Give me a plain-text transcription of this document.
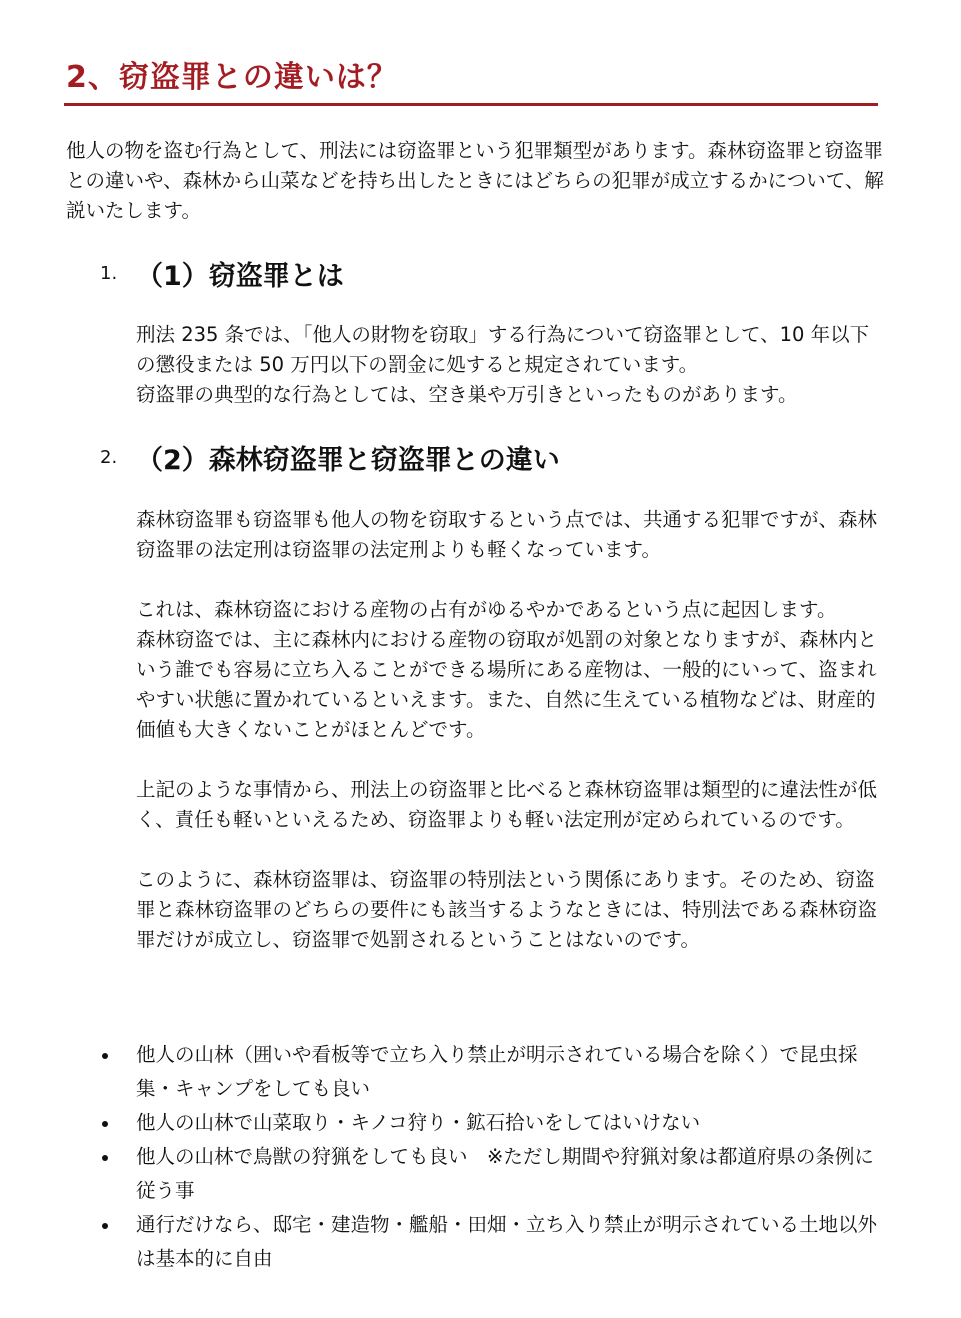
2、窃盗罪との違いは？

他人の物を盗む行為として、刑法には窃盗罪という犯罪類型があります。森林窃盗罪と窃盗罪との違いや、森林から山菜などを持ち出したときにはどちらの犯罪が成立するかについて、解説いたします。

1. （1）窃盗罪とは

刑法 235 条では、「他人の財物を窃取」する行為について窃盗罪として、10 年以下の懲役または 50 万円以下の罰金に処すると規定されています。

窃盗罪の典型的な行為としては、空き巣や万引きといったものがあります。

2. （2）森林窃盗罪と窃盗罪との違い

森林窃盗罪も窃盗罪も他人の物を窃取するという点では、共通する犯罪ですが、森林窃盗罪の法定刑は窃盗罪の法定刑よりも軽くなっています。

これは、森林窃盗における産物の占有がゆるやかであるという点に起因します。

森林窃盗では、主に森林内における産物の窃取が処罰の対象となりますが、森林内という誰でも容易に立ち入ることができる場所にある産物は、一般的にいって、盗まれやすい状態に置かれているといえます。また、自然に生えている植物などは、財産的価値も大きくないことがほとんどです。

上記のような事情から、刑法上の窃盗罪と比べると森林窃盗罪は類型的に違法性が低く、責任も軽いといえるため、窃盗罪よりも軽い法定刑が定められているのです。

このように、森林窃盗罪は、窃盗罪の特別法という関係にあります。そのため、窃盗罪と森林窃盗罪のどちらの要件にも該当するようなときには、特別法である森林窃盗罪だけが成立し、窃盗罪で処罰されるということはないのです。

他人の山林（囲いや看板等で立ち入り禁止が明示されている場合を除く）で昆虫採集・キャンプをしても良い
他人の山林で山菜取り・キノコ狩り・鉱石拾いをしてはいけない
他人の山林で鳥獣の狩猟をしても良い　※ただし期間や狩猟対象は都道府県の条例に従う事
通行だけなら、邸宅・建造物・艦船・田畑・立ち入り禁止が明示されている土地以外は基本的に自由
